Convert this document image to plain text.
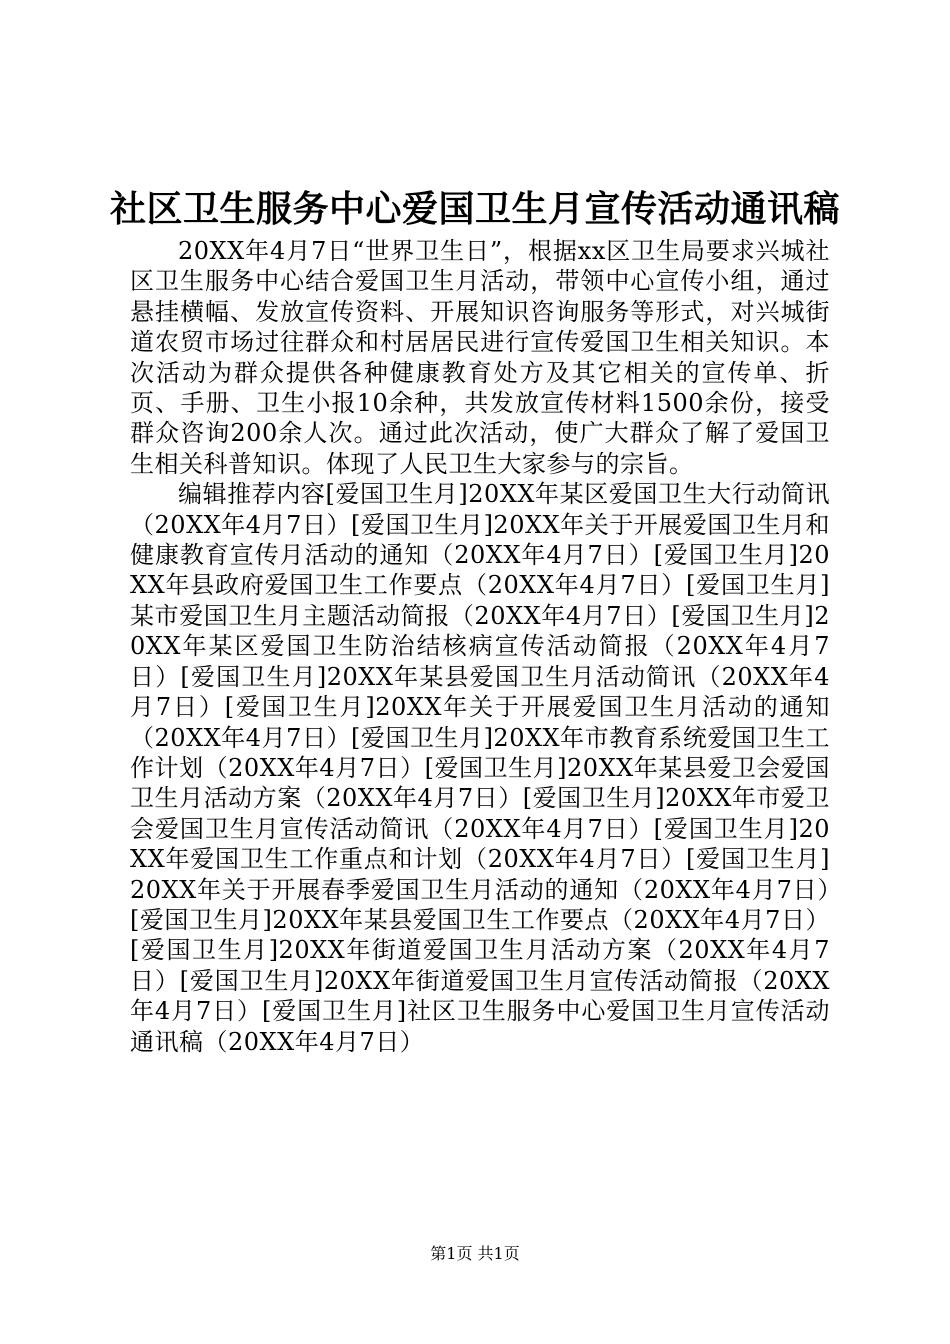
社区卫生服务中心爱国卫生月宣传活动通讯稿

20XX年4月7日“世界卫生日”，根据xx区卫生局要求兴城社区卫生服务中心结合爱国卫生月活动，带领中心宣传小组，通过悬挂横幅、发放宣传资料、开展知识咨询服务等形式，对兴城街道农贸市场过往群众和村居居民进行宣传爱国卫生相关知识。本次活动为群众提供各种健康教育处方及其它相关的宣传单、折页、手册、卫生小报10余种，共发放宣传材料1500余份，接受群众咨询200余人次。通过此次活动，使广大群众了解了爱国卫生相关科普知识。体现了人民卫生大家参与的宗旨。

编辑推荐内容[爱国卫生月]20XX年某区爱国卫生大行动简讯（20XX年4月7日）[爱国卫生月]20XX年关于开展爱国卫生月和健康教育宣传月活动的通知（20XX年4月7日）[爱国卫生月]20XX年县政府爱国卫生工作要点（20XX年4月7日）[爱国卫生月]某市爱国卫生月主题活动简报（20XX年4月7日）[爱国卫生月]20XX年某区爱国卫生防治结核病宣传活动简报（20XX年4月7日）[爱国卫生月]20XX年某县爱国卫生月活动简讯（20XX年4月7日）[爱国卫生月]20XX年关于开展爱国卫生月活动的通知（20XX年4月7日）[爱国卫生月]20XX年市教育系统爱国卫生工作计划（20XX年4月7日）[爱国卫生月]20XX年某县爱卫会爱国卫生月活动方案（20XX年4月7日）[爱国卫生月]20XX年市爱卫会爱国卫生月宣传活动简讯（20XX年4月7日）[爱国卫生月]20XX年爱国卫生工作重点和计划（20XX年4月7日）[爱国卫生月]20XX年关于开展春季爱国卫生月活动的通知（20XX年4月7日）[爱国卫生月]20XX年某县爱国卫生工作要点（20XX年4月7日）[爱国卫生月]20XX年街道爱国卫生月活动方案（20XX年4月7日）[爱国卫生月]20XX年街道爱国卫生月宣传活动简报（20XX年4月7日）[爱国卫生月]社区卫生服务中心爱国卫生月宣传活动通讯稿（20XX年4月7日）

第1页 共1页
